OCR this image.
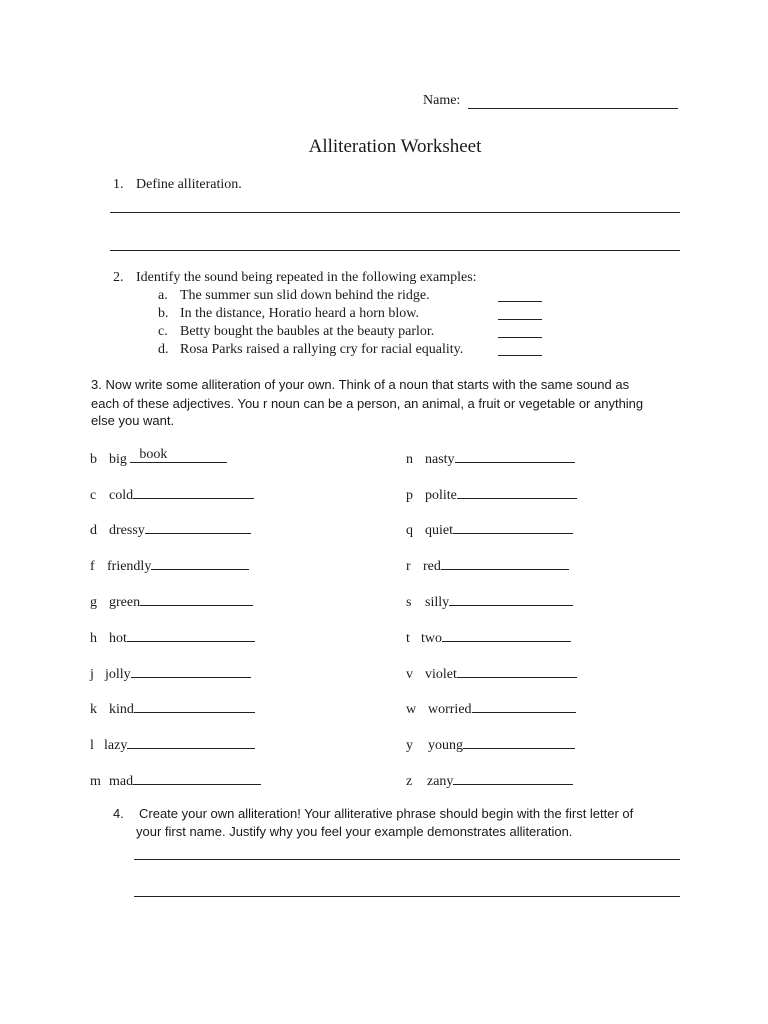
Name:
Alliteration Worksheet
1. Define alliteration.
2. Identify the sound being repeated in the following examples:
a. The summer sun slid down behind the ridge.
b. In the distance, Horatio heard a horn blow.
c. Betty bought the baubles at the beauty parlor.
d. Rosa Parks raised a rallying cry for racial equality.
3. Now write some alliteration of your own. Think of a noun that starts with the same sound as
each of these adjectives. You r noun can be a person, an animal, a fruit or vegetable or anything
else you want.
b big book
c cold
d dressy
f friendly
g green
h hot
j jolly
k kind
l lazy
m mad
n nasty
p polite
q quiet
r red
s silly
t two
v violet
w worried
y young
z zany
4. Create your own alliteration! Your alliterative phrase should begin with the first letter of
your first name. Justify why you feel your example demonstrates alliteration.
